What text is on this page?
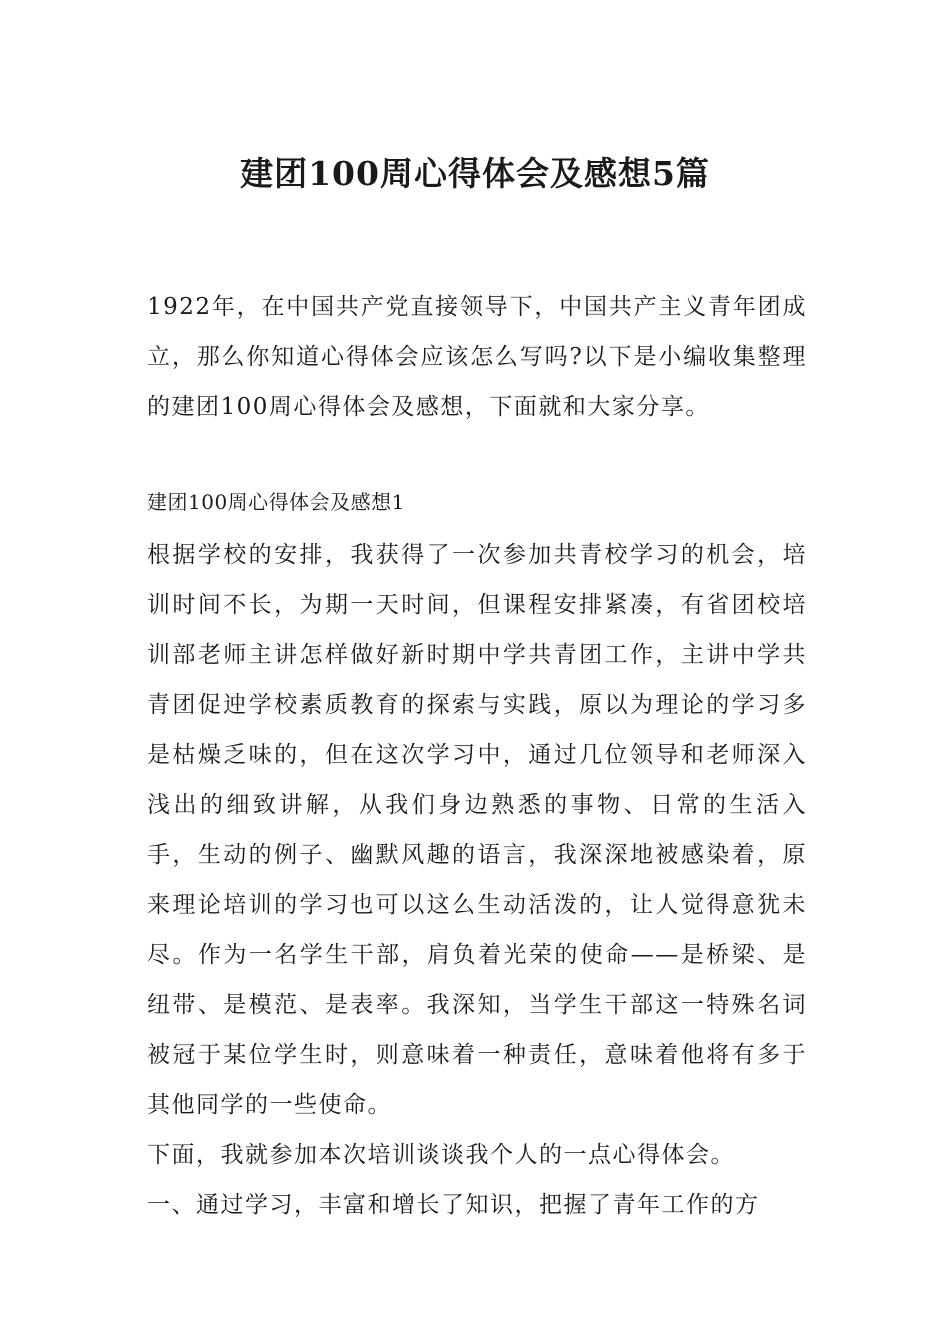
建团100周心得体会及感想5篇

1922年，在中国共产党直接领导下，中国共产主义青年团成立，那么你知道心得体会应该怎么写吗?以下是小编收集整理的建团100周心得体会及感想，下面就和大家分享。

建团100周心得体会及感想1

根据学校的安排，我获得了一次参加共青校学习的机会，培训时间不长，为期一天时间，但课程安排紧凑，有省团校培训部老师主讲怎样做好新时期中学共青团工作，主讲中学共青团促迚学校素质教育的探索与实践，原以为理论的学习多是枯燥乏味的，但在这次学习中，通过几位领导和老师深入浅出的细致讲解，从我们身边熟悉的事物、日常的生活入手，生动的例子、幽默风趣的语言，我深深地被感染着，原来理论培训的学习也可以这么生动活泼的，让人觉得意犹未尽。作为一名学生干部，肩负着光荣的使命——是桥梁、是纽带、是模范、是表率。我深知，当学生干部这一特殊名词被冠于某位学生时，则意味着一种责任，意味着他将有多于其他同学的一些使命。

下面，我就参加本次培训谈谈我个人的一点心得体会。

一、通过学习，丰富和增长了知识，把握了青年工作的方
